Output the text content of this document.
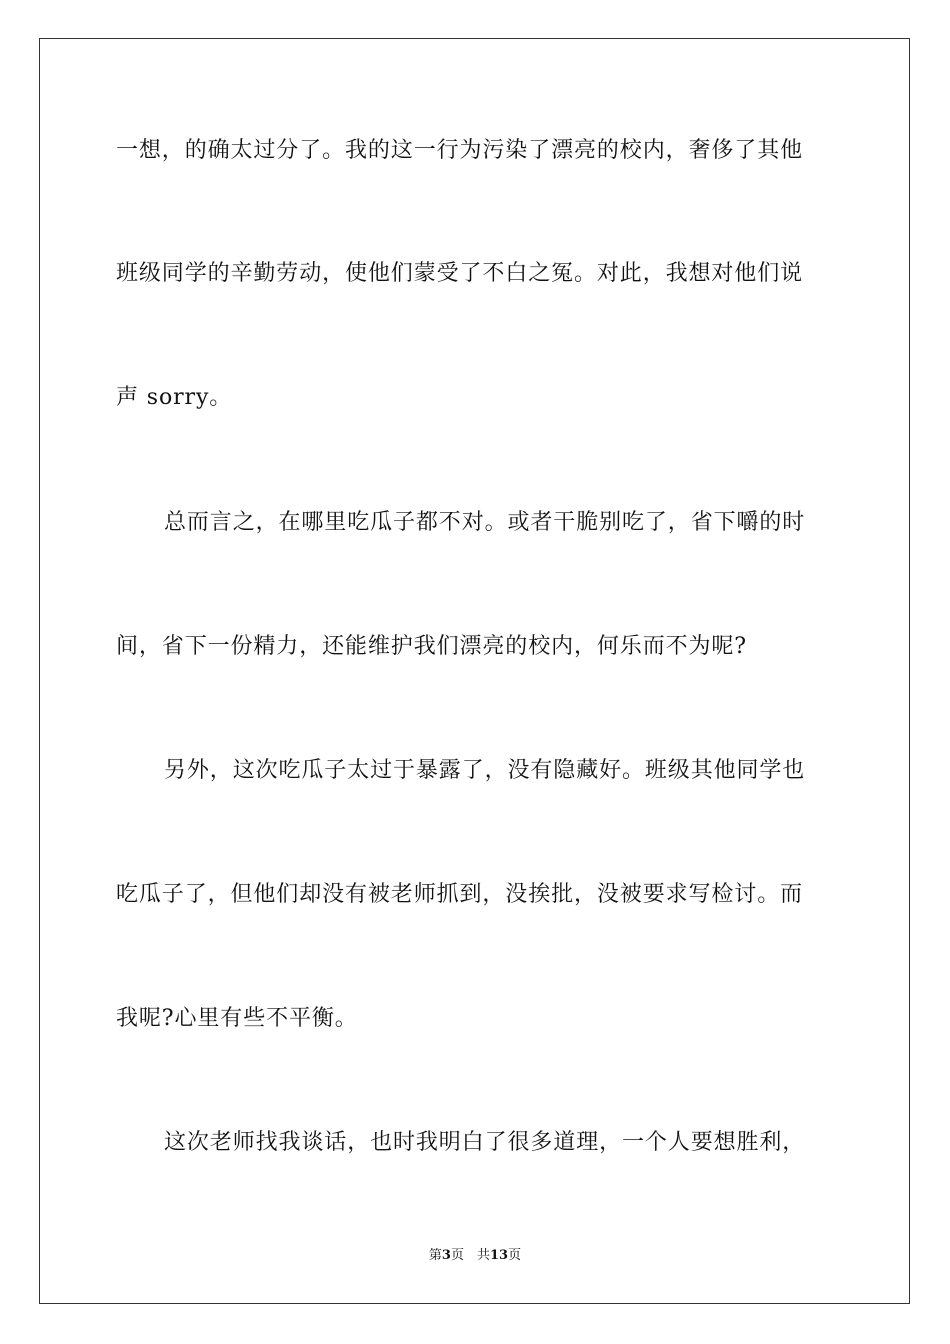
一想，的确太过分了。我的这一行为污染了漂亮的校内，奢侈了其他
班级同学的辛勤劳动，使他们蒙受了不白之冤。对此，我想对他们说
声 sorry。
总而言之，在哪里吃瓜子都不对。或者干脆别吃了，省下嚼的时
间，省下一份精力，还能维护我们漂亮的校内，何乐而不为呢?
另外，这次吃瓜子太过于暴露了，没有隐藏好。班级其他同学也
吃瓜子了，但他们却没有被老师抓到，没挨批，没被要求写检讨。而
我呢?心里有些不平衡。
这次老师找我谈话，也时我明白了很多道理，一个人要想胜利，
第3页　共13页
